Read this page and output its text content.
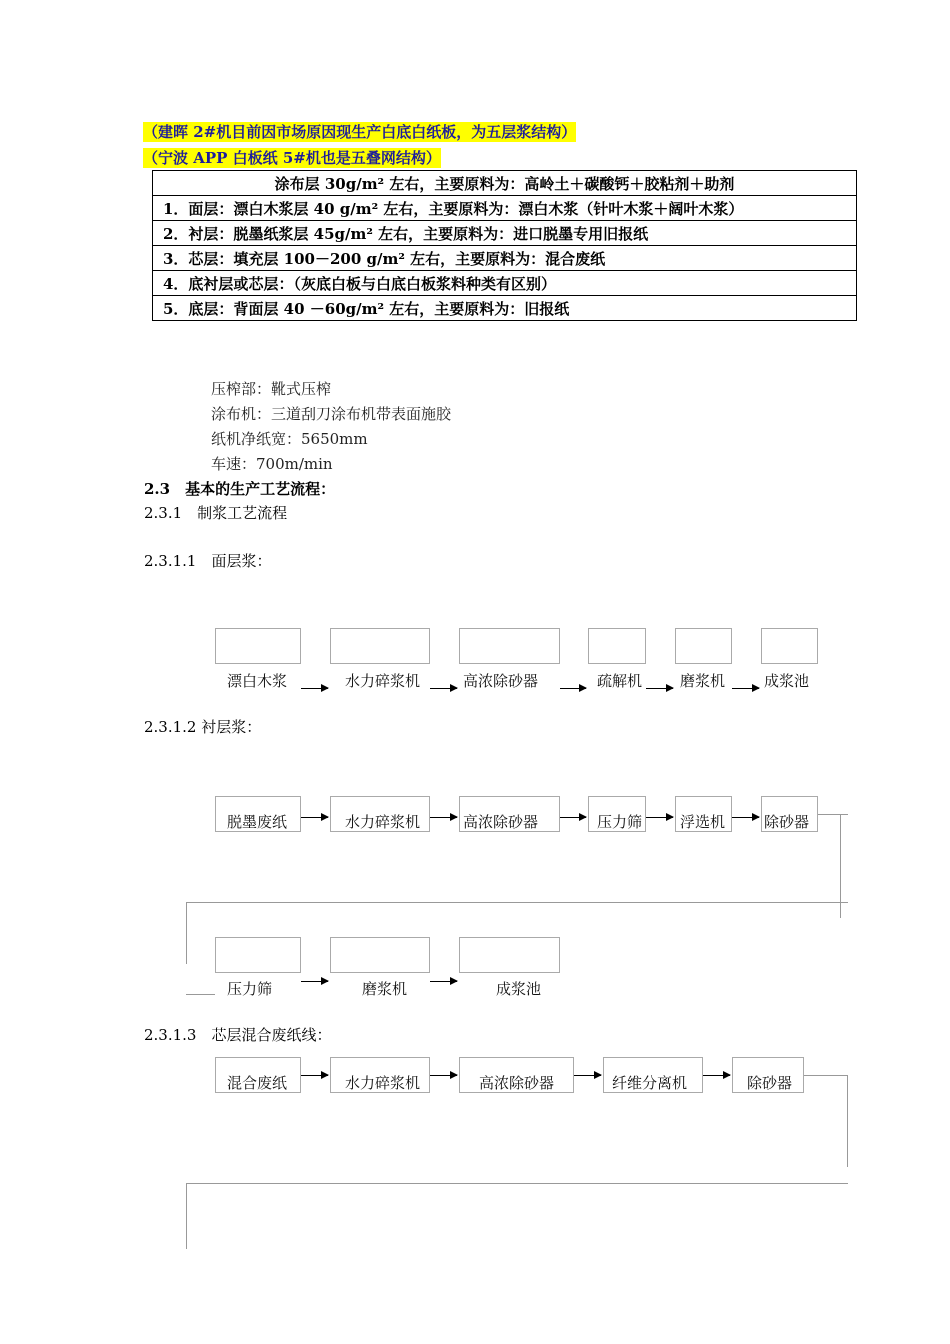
（建晖 2#机目前因市场原因现生产白底白纸板，为五层浆结构）
（宁波 APP 白板纸 5#机也是五叠网结构）
涂布层 30g/m² 左右，主要原料为：高岭土＋碳酸钙＋胶粘剂＋助剂
1．面层：漂白木浆层 40 g/m² 左右，主要原料为：漂白木浆（针叶木浆＋阔叶木浆）
2．衬层：脱墨纸浆层 45g/m² 左右，主要原料为：进口脱墨专用旧报纸
3．芯层：填充层 100－200 g/m² 左右，主要原料为：混合废纸
4．底衬层或芯层：（灰底白板与白底白板浆料种类有区别）
5．底层：背面层 40 －60g/m² 左右，主要原料为：旧报纸
压榨部：靴式压榨
涂布机：三道刮刀涂布机带表面施胶
纸机净纸宽：5650mm
车速：700m/min
2.3　基本的生产工艺流程：
2.3.1　制浆工艺流程
2.3.1.1　面层浆：
漂白木浆	水力碎浆机	高浓除砂器	疏解机	磨浆机	成浆池
2.3.1.2 衬层浆：
脱墨废纸	水力碎浆机	高浓除砂器	压力筛	浮选机	除砂器
压力筛	磨浆机	成浆池
2.3.1.3　芯层混合废纸线：
混合废纸	水力碎浆机	高浓除砂器	纤维分离机	除砂器
